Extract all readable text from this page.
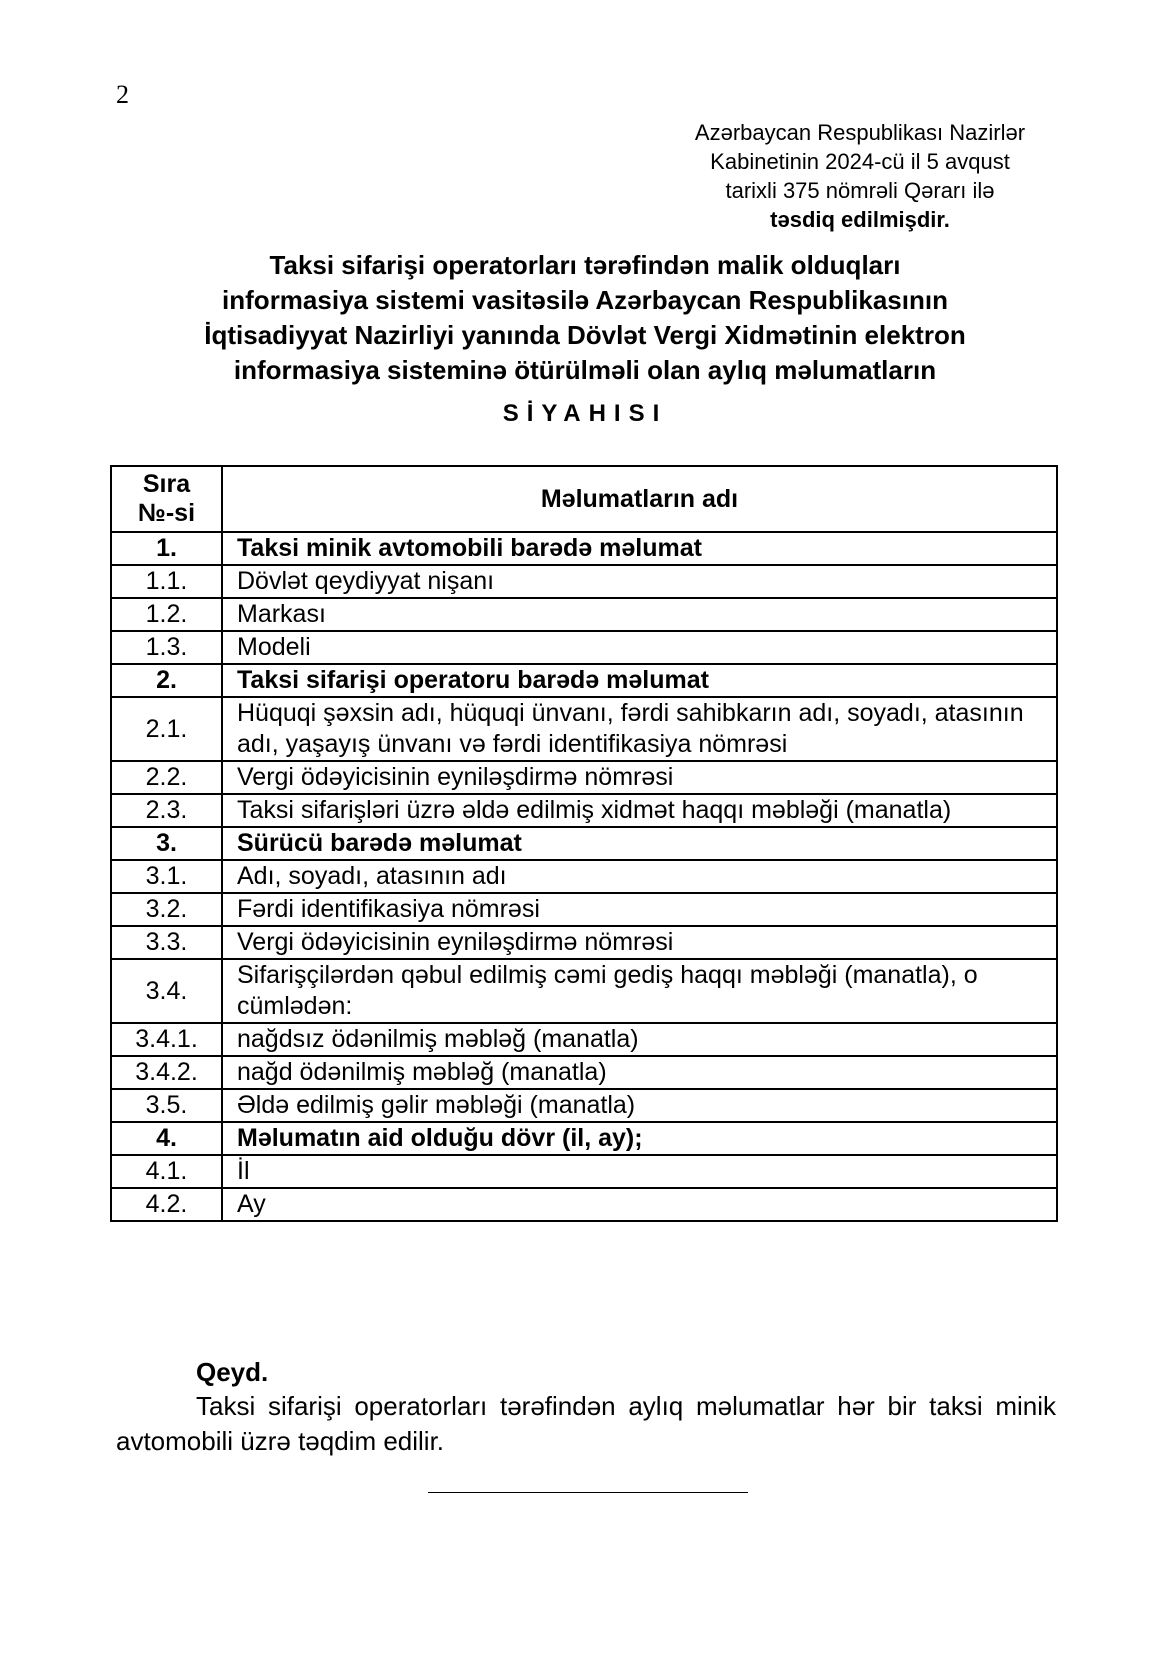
2
Azərbaycan Respublikası Nazirlər
Kabinetinin 2024-cü il 5 avqust
tarixli 375 nömrəli Qərarı ilə
təsdiq edilmişdir.
Taksi sifarişi operatorları tərəfindən malik olduqları
informasiya sistemi vasitəsilə Azərbaycan Respublikasının
İqtisadiyyat Nazirliyi yanında Dövlət Vergi Xidmətinin elektron
informasiya sisteminə ötürülməli olan aylıq məlumatların
SİYAHISI
Sıra
№-si	Məlumatların adı
1.	Taksi minik avtomobili barədə məlumat
1.1.	Dövlət qeydiyyat nişanı
1.2.	Markası
1.3.	Modeli
2.	Taksi sifarişi operatoru barədə məlumat
2.1.	Hüquqi şəxsin adı, hüquqi ünvanı, fərdi sahibkarın adı, soyadı, atasının adı, yaşayış ünvanı və fərdi identifikasiya nömrəsi
2.2.	Vergi ödəyicisinin eyniləşdirmə nömrəsi
2.3.	Taksi sifarişləri üzrə əldə edilmiş xidmət haqqı məbləği (manatla)
3.	Sürücü barədə məlumat
3.1.	Adı, soyadı, atasının adı
3.2.	Fərdi identifikasiya nömrəsi
3.3.	Vergi ödəyicisinin eyniləşdirmə nömrəsi
3.4.	Sifarişçilərdən qəbul edilmiş cəmi gediş haqqı məbləği (manatla), o cümlədən:
3.4.1.	nağdsız ödənilmiş məbləğ (manatla)
3.4.2.	nağd ödənilmiş məbləğ (manatla)
3.5.	Əldə edilmiş gəlir məbləği (manatla)
4.	Məlumatın aid olduğu dövr (il, ay);
4.1.	İl
4.2.	Ay
Qeyd.
Taksi sifarişi operatorları tərəfindən aylıq məlumatlar hər bir taksi minik avtomobili üzrə təqdim edilir.
